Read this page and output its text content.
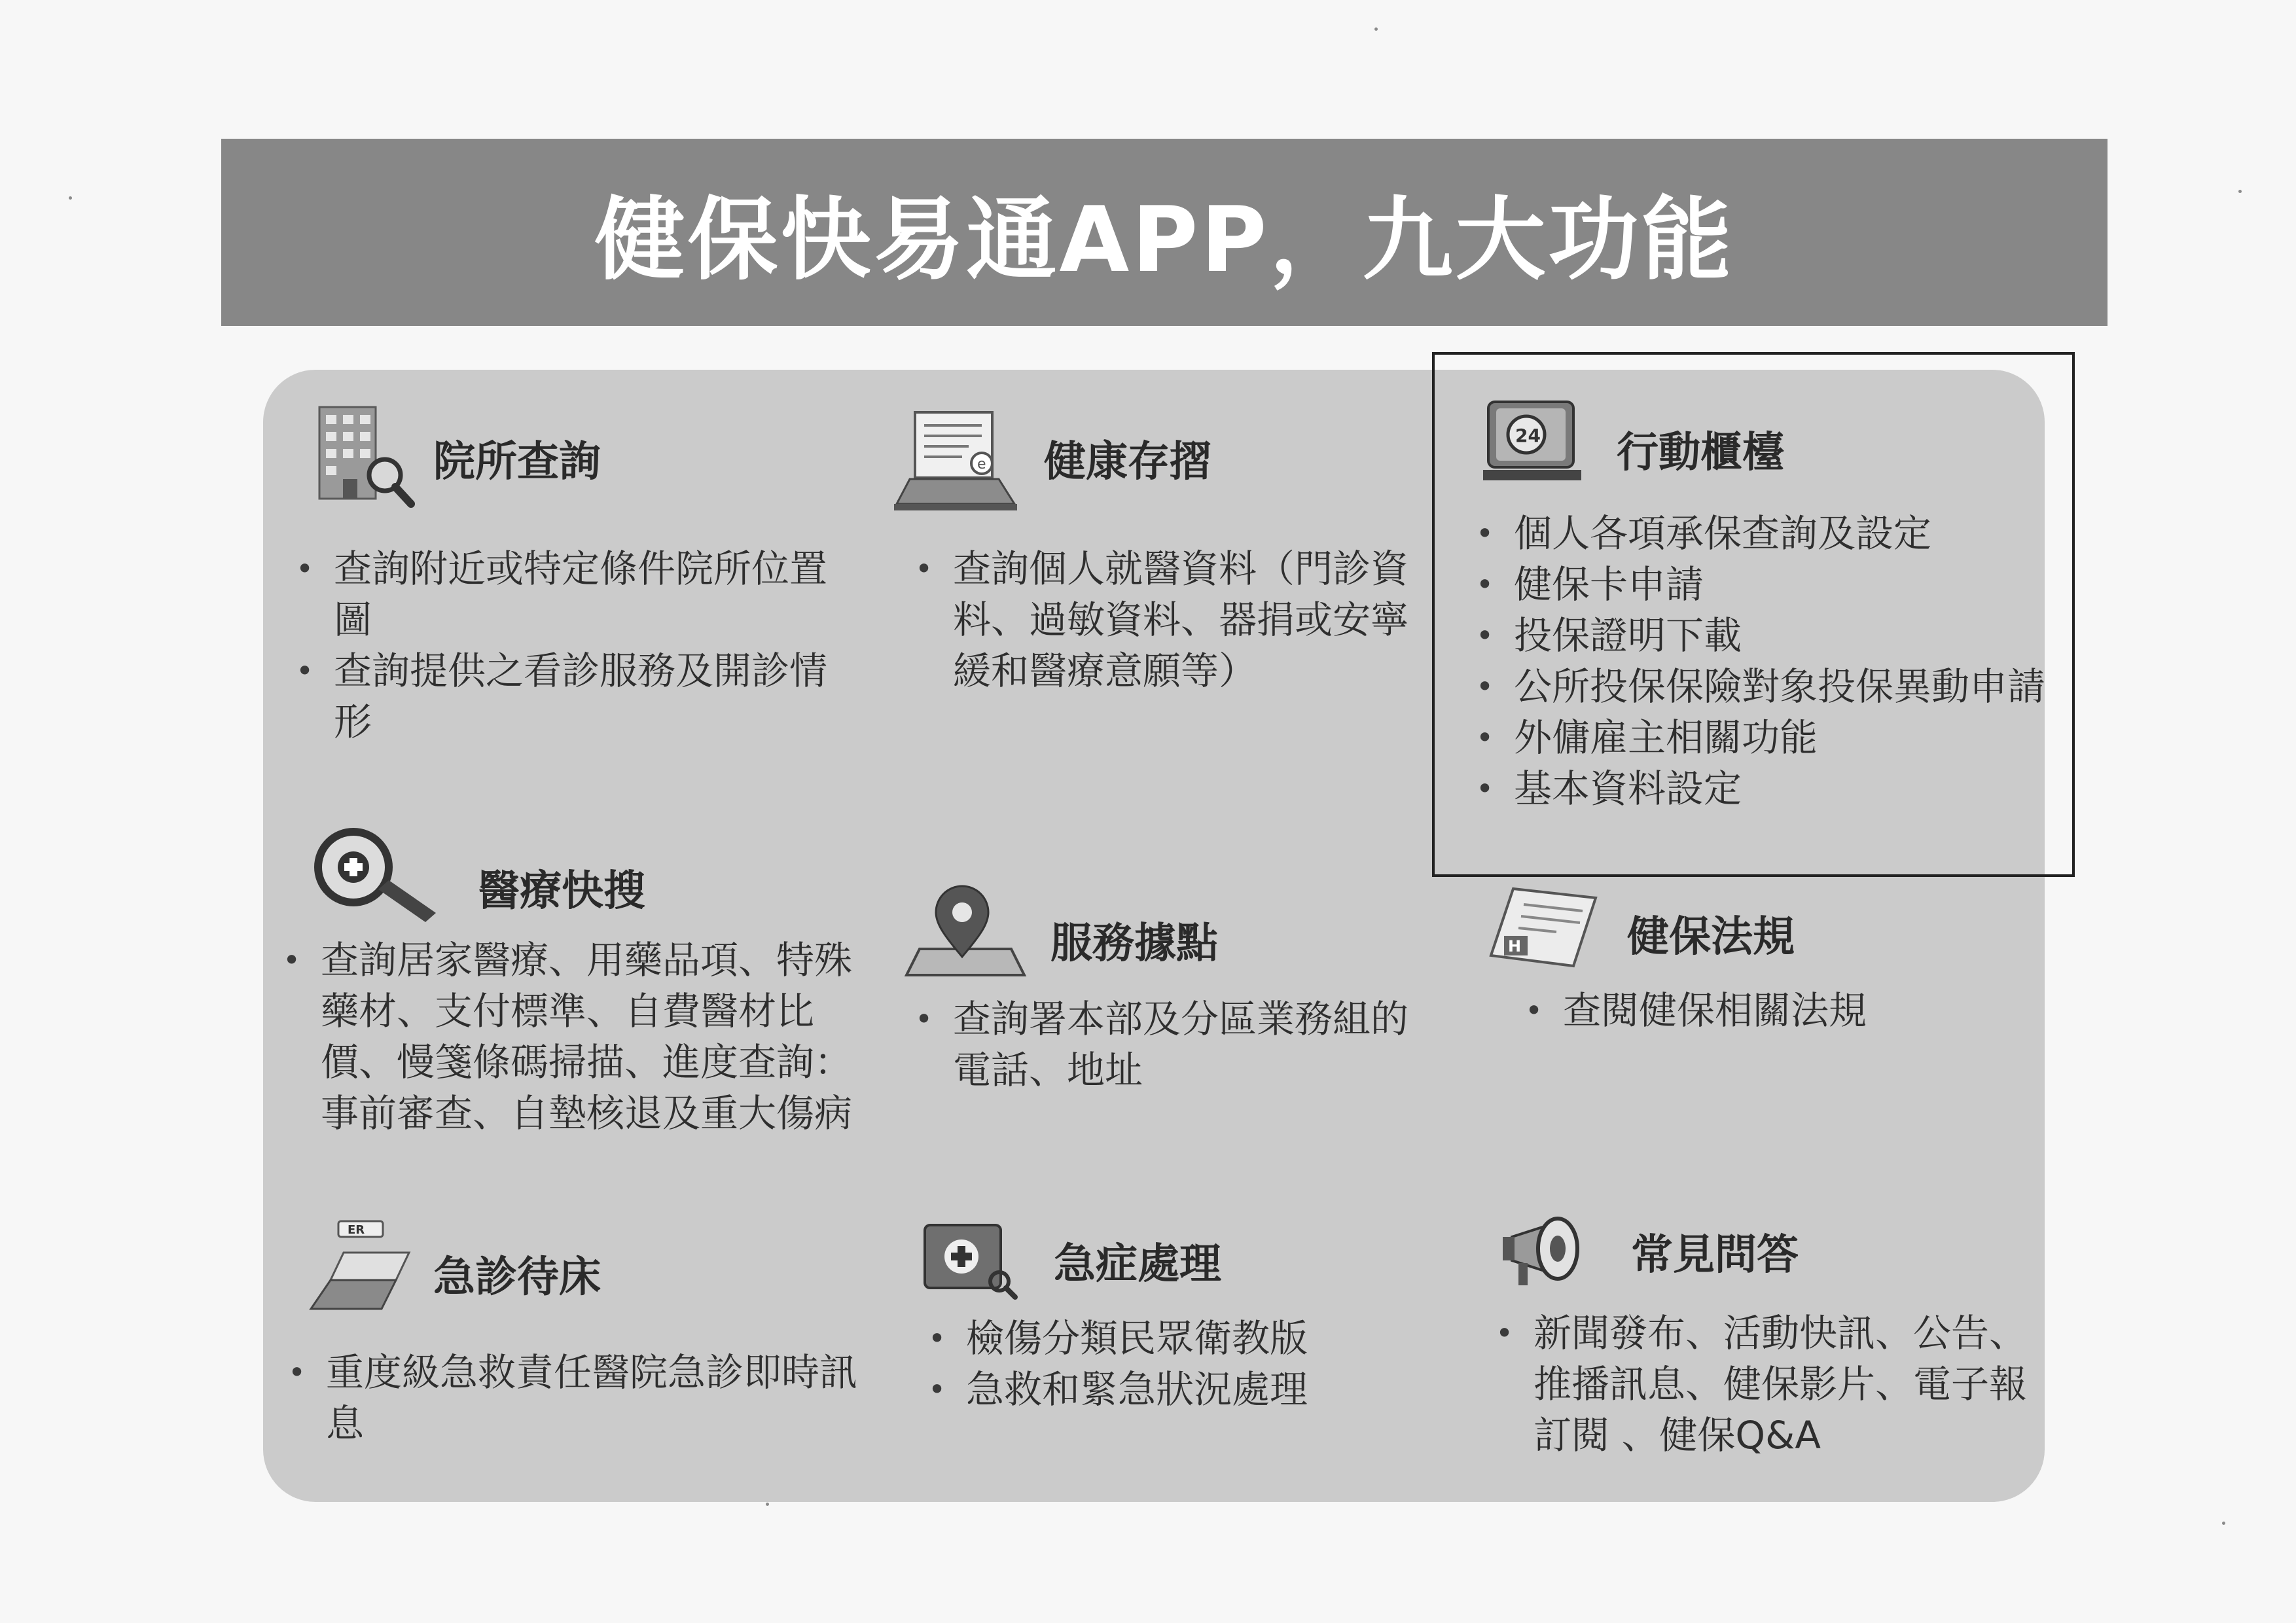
健保快易通APP，九大功能
院所查詢
• 查詢附近或特定條件院所位置圖
• 查詢提供之看診服務及開診情形
e 健康存摺
• 查詢個人就醫資料（門診資料、過敏資料、器捐或安寧緩和醫療意願等）
24 行動櫃檯
• 個人各項承保查詢及設定
• 健保卡申請
• 投保證明下載
• 公所投保保險對象投保異動申請
• 外傭雇主相關功能
• 基本資料設定
醫療快搜
• 查詢居家醫療、用藥品項、特殊藥材、支付標準、自費醫材比價、慢箋條碼掃描、進度查詢：事前審查、自墊核退及重大傷病
服務據點
• 查詢署本部及分區業務組的電話、地址
H	健保法規
• 查閱健保相關法規
ER
急診待床
• 重度級急救責任醫院急診即時訊息
急症處理
• 檢傷分類民眾衛教版
• 急救和緊急狀況處理
常見問答
• 新聞發布、活動快訊、公告、推播訊息、健保影片、電子報訂閱 、健保Q&A
